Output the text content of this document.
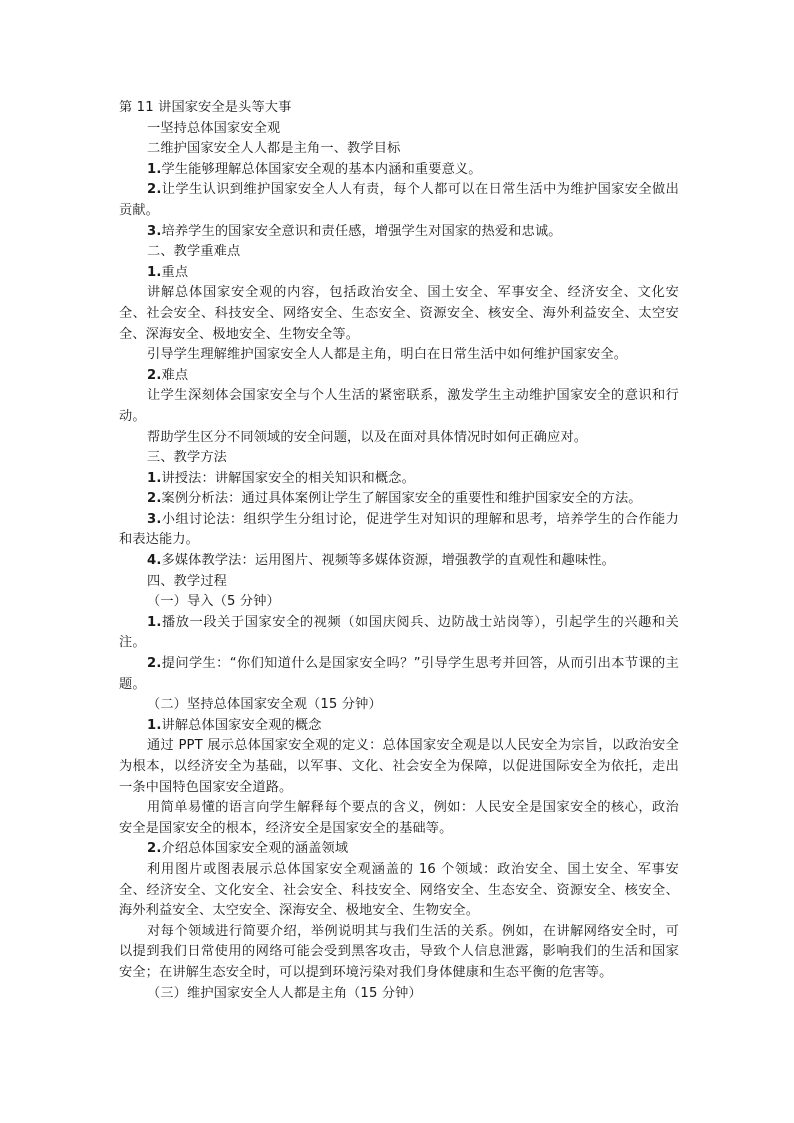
第 11 讲国家安全是头等大事

一坚持总体国家安全观

二维护国家安全人人都是主角一、教学目标

1.学生能够理解总体国家安全观的基本内涵和重要意义。

2.让学生认识到维护国家安全人人有责，每个人都可以在日常生活中为维护国家安全做出贡献。

3.培养学生的国家安全意识和责任感，增强学生对国家的热爱和忠诚。

二、教学重难点

1.重点

讲解总体国家安全观的内容，包括政治安全、国土安全、军事安全、经济安全、文化安全、社会安全、科技安全、网络安全、生态安全、资源安全、核安全、海外利益安全、太空安全、深海安全、极地安全、生物安全等。

引导学生理解维护国家安全人人都是主角，明白在日常生活中如何维护国家安全。

2.难点

让学生深刻体会国家安全与个人生活的紧密联系，激发学生主动维护国家安全的意识和行动。

帮助学生区分不同领域的安全问题，以及在面对具体情况时如何正确应对。

三、教学方法

1.讲授法：讲解国家安全的相关知识和概念。

2.案例分析法：通过具体案例让学生了解国家安全的重要性和维护国家安全的方法。

3.小组讨论法：组织学生分组讨论，促进学生对知识的理解和思考，培养学生的合作能力和表达能力。

4.多媒体教学法：运用图片、视频等多媒体资源，增强教学的直观性和趣味性。

四、教学过程

（一）导入（5 分钟）

1.播放一段关于国家安全的视频（如国庆阅兵、边防战士站岗等），引起学生的兴趣和关注。

2.提问学生：“你们知道什么是国家安全吗？”引导学生思考并回答，从而引出本节课的主题。

（二）坚持总体国家安全观（15 分钟）

1.讲解总体国家安全观的概念

通过 PPT 展示总体国家安全观的定义：总体国家安全观是以人民安全为宗旨，以政治安全为根本，以经济安全为基础，以军事、文化、社会安全为保障，以促进国际安全为依托，走出一条中国特色国家安全道路。

用简单易懂的语言向学生解释每个要点的含义，例如：人民安全是国家安全的核心，政治安全是国家安全的根本，经济安全是国家安全的基础等。

2.介绍总体国家安全观的涵盖领域

利用图片或图表展示总体国家安全观涵盖的 16 个领域：政治安全、国土安全、军事安全、经济安全、文化安全、社会安全、科技安全、网络安全、生态安全、资源安全、核安全、海外利益安全、太空安全、深海安全、极地安全、生物安全。

对每个领域进行简要介绍，举例说明其与我们生活的关系。例如，在讲解网络安全时，可以提到我们日常使用的网络可能会受到黑客攻击，导致个人信息泄露，影响我们的生活和国家安全；在讲解生态安全时，可以提到环境污染对我们身体健康和生态平衡的危害等。

（三）维护国家安全人人都是主角（15 分钟）
